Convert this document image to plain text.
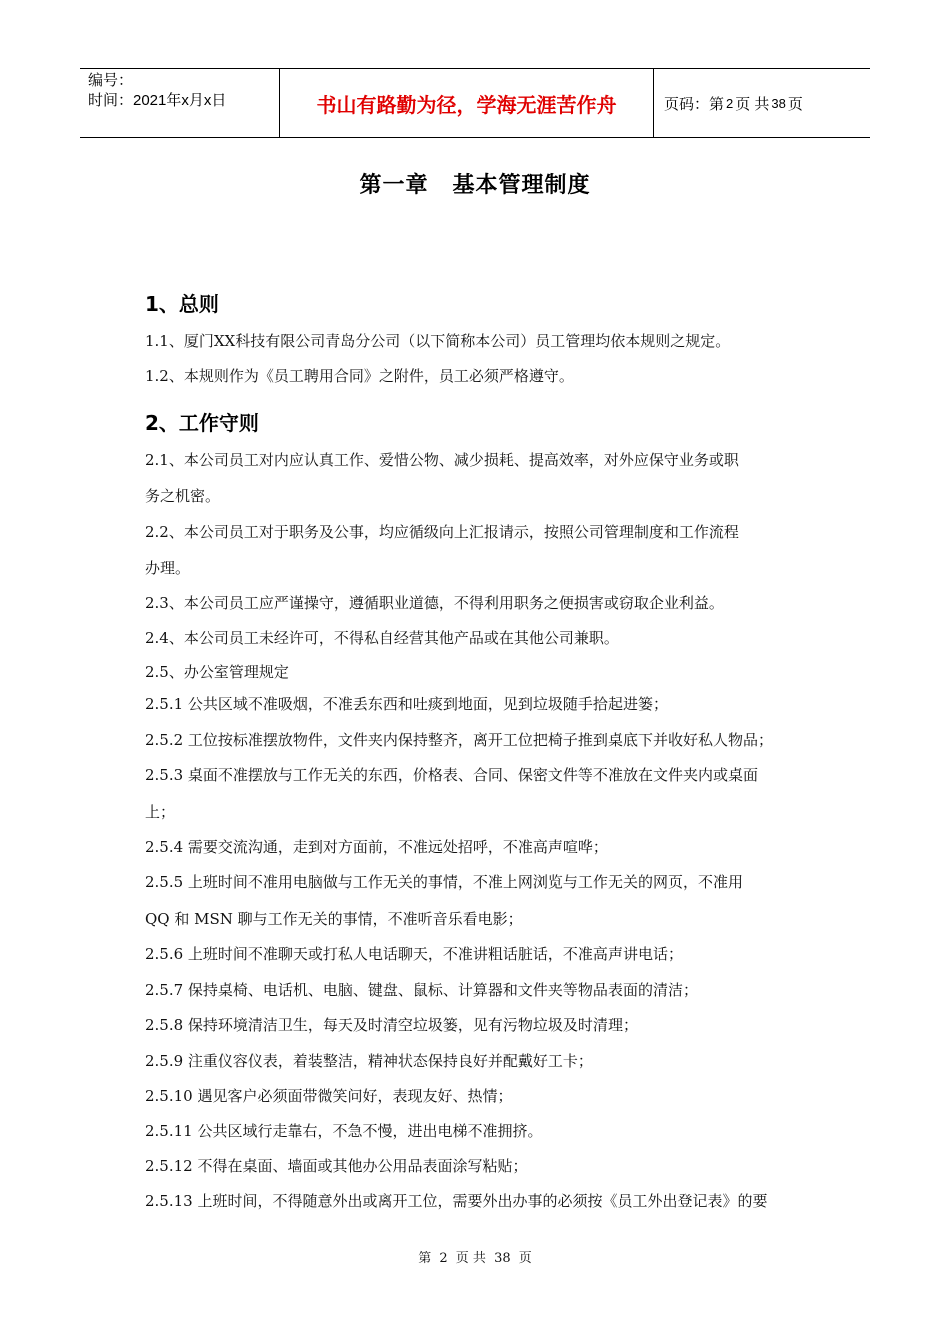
编号：
时间：2021年x月x日	书山有路勤为径，学海无涯苦作舟	页码：第 2 页 共 38 页
第一章 基本管理制度
1、总则
1.1、厦门XX科技有限公司青岛分公司（以下简称本公司）员工管理均依本规则之规定。
1.2、本规则作为《员工聘用合同》之附件，员工必须严格遵守。
2、工作守则
2.1、本公司员工对内应认真工作、爱惜公物、减少损耗、提高效率，对外应保守业务或职
务之机密。
2.2、本公司员工对于职务及公事，均应循级向上汇报请示，按照公司管理制度和工作流程
办理。
2.3、本公司员工应严谨操守，遵循职业道德，不得利用职务之便损害或窃取企业利益。
2.4、本公司员工未经许可，不得私自经营其他产品或在其他公司兼职。
2.5、办公室管理规定
2.5.1 公共区域不准吸烟，不准丢东西和吐痰到地面，见到垃圾随手拾起进篓；
2.5.2 工位按标准摆放物件，文件夹内保持整齐，离开工位把椅子推到桌底下并收好私人物品；
2.5.3 桌面不准摆放与工作无关的东西，价格表、合同、保密文件等不准放在文件夹内或桌面
上；
2.5.4 需要交流沟通，走到对方面前，不准远处招呼，不准高声喧哗；
2.5.5 上班时间不准用电脑做与工作无关的事情，不准上网浏览与工作无关的网页，不准用
QQ 和 MSN 聊与工作无关的事情，不准听音乐看电影；
2.5.6 上班时间不准聊天或打私人电话聊天，不准讲粗话脏话，不准高声讲电话；
2.5.7 保持桌椅、电话机、电脑、键盘、鼠标、计算器和文件夹等物品表面的清洁；
2.5.8 保持环境清洁卫生，每天及时清空垃圾篓，见有污物垃圾及时清理；
2.5.9 注重仪容仪表，着装整洁，精神状态保持良好并配戴好工卡；
2.5.10 遇见客户必须面带微笑问好，表现友好、热情；
2.5.11 公共区域行走靠右，不急不慢，进出电梯不准拥挤。
2.5.12 不得在桌面、墙面或其他办公用品表面涂写粘贴；
2.5.13 上班时间，不得随意外出或离开工位，需要外出办事的必须按《员工外出登记表》的要
第 2 页 共 38 页
